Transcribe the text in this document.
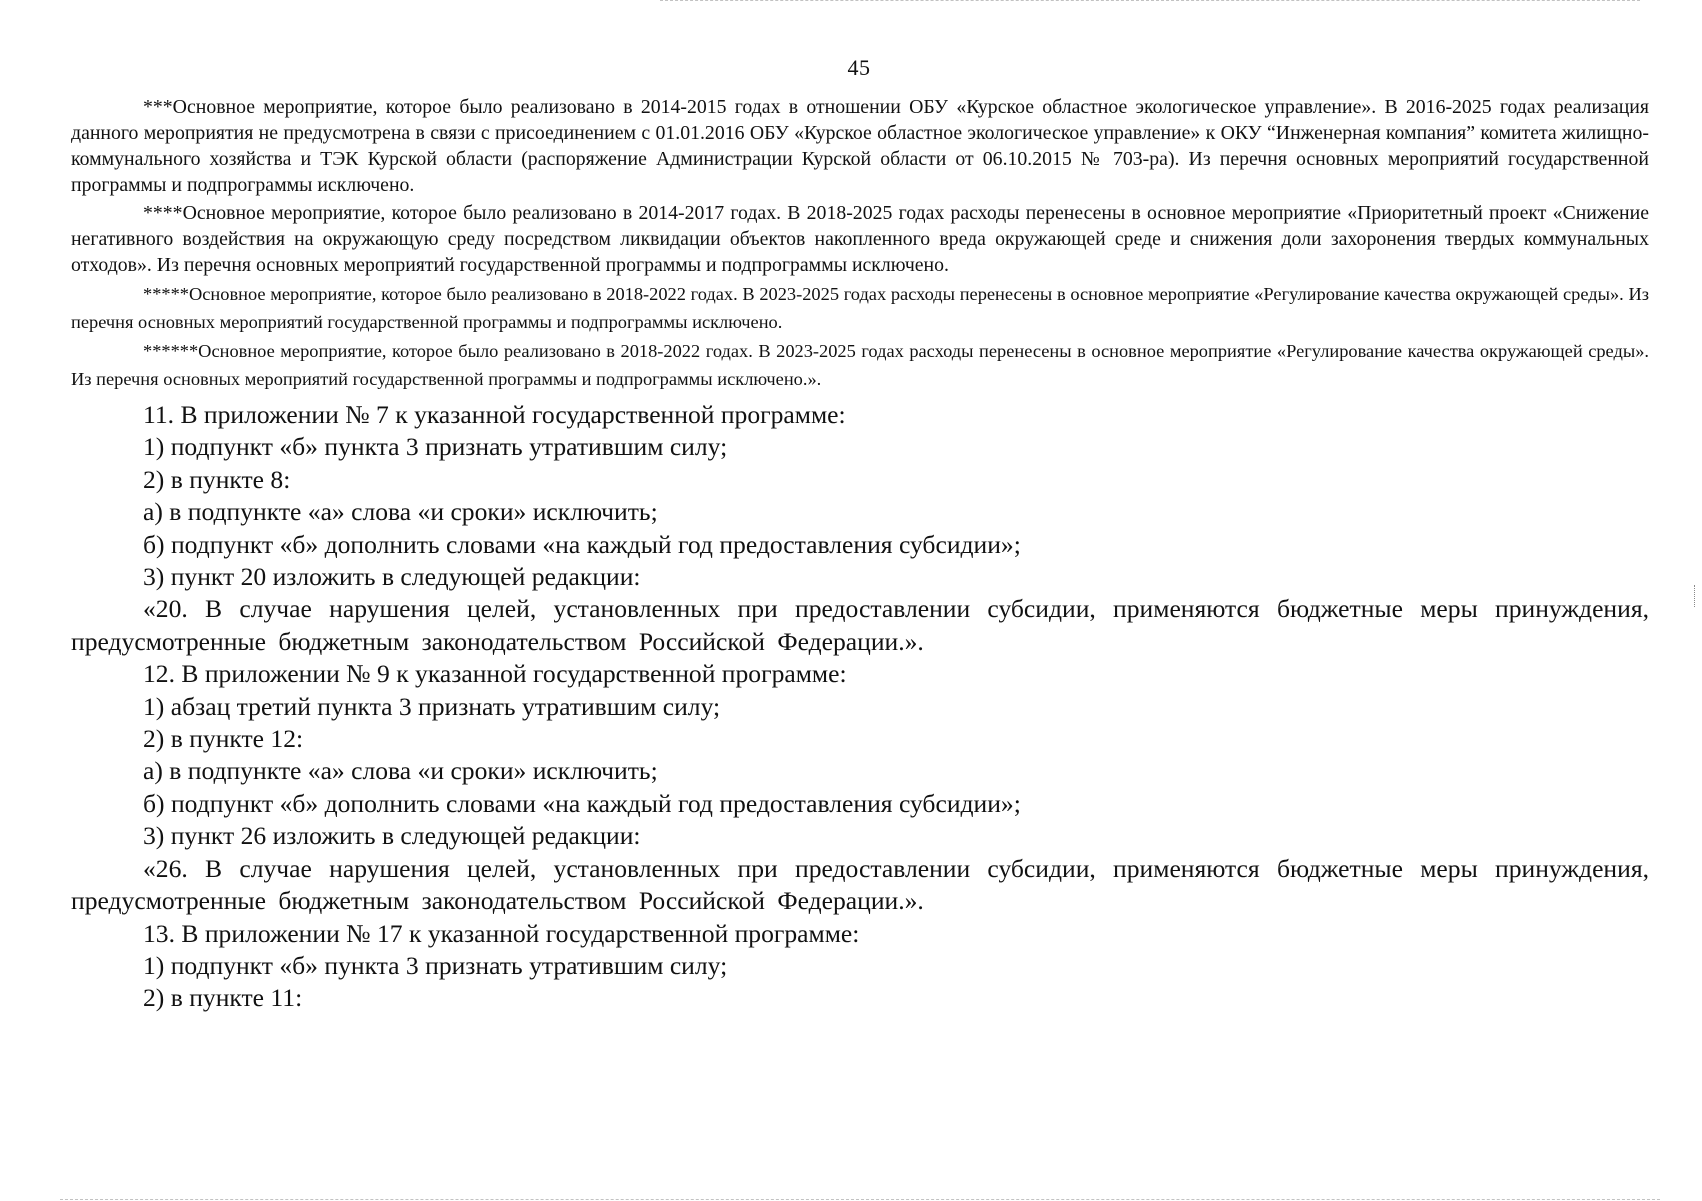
45

***Основное мероприятие, которое было реализовано в 2014-2015 годах в отношении ОБУ «Курское областное экологическое управление». В 2016-2025 годах реализация данного мероприятия не предусмотрена в связи с присоединением с 01.01.2016 ОБУ «Курское областное экологическое управление» к ОКУ “Инженерная компания” комитета жилищно-коммунального хозяйства и ТЭК Курской области (распоряжение Администрации Курской области от 06.10.2015 № 703-ра). Из перечня основных мероприятий государственной программы и подпрограммы исключено.

****Основное мероприятие, которое было реализовано в 2014-2017 годах. В 2018-2025 годах расходы перенесены в основное мероприятие «Приоритетный проект «Снижение негативного воздействия на окружающую среду посредством ликвидации объектов накопленного вреда окружающей среде и снижения доли захоронения твердых коммунальных отходов». Из перечня основных мероприятий государственной программы и подпрограммы исключено.

*****Основное мероприятие, которое было реализовано в 2018-2022 годах. В 2023-2025 годах расходы перенесены в основное мероприятие «Регулирование качества окружающей среды». Из перечня основных мероприятий государственной программы и подпрограммы исключено.

******Основное мероприятие, которое было реализовано в 2018-2022 годах. В 2023-2025 годах расходы перенесены в основное мероприятие «Регулирование качества окружающей среды». Из перечня основных мероприятий государственной программы и подпрограммы исключено.».

11. В приложении № 7 к указанной государственной программе:

1) подпункт «б» пункта 3 признать утратившим силу;

2) в пункте 8:

а) в подпункте «а» слова «и сроки» исключить;

б) подпункт «б» дополнить словами «на каждый год предоставления субсидии»;

3) пункт 20 изложить в следующей редакции:

«20. В случае нарушения целей, установленных при предоставлении субсидии, применяются бюджетные меры принуждения, предусмотренные бюджетным законодательством Российской Федерации.».

12. В приложении № 9 к указанной государственной программе:

1) абзац третий пункта 3 признать утратившим силу;

2) в пункте 12:

а) в подпункте «а» слова «и сроки» исключить;

б) подпункт «б» дополнить словами «на каждый год предоставления субсидии»;

3) пункт 26 изложить в следующей редакции:

«26. В случае нарушения целей, установленных при предоставлении субсидии, применяются бюджетные меры принуждения, предусмотренные бюджетным законодательством Российской Федерации.».

13. В приложении № 17 к указанной государственной программе:

1) подпункт «б» пункта 3 признать утратившим силу;

2) в пункте 11:
